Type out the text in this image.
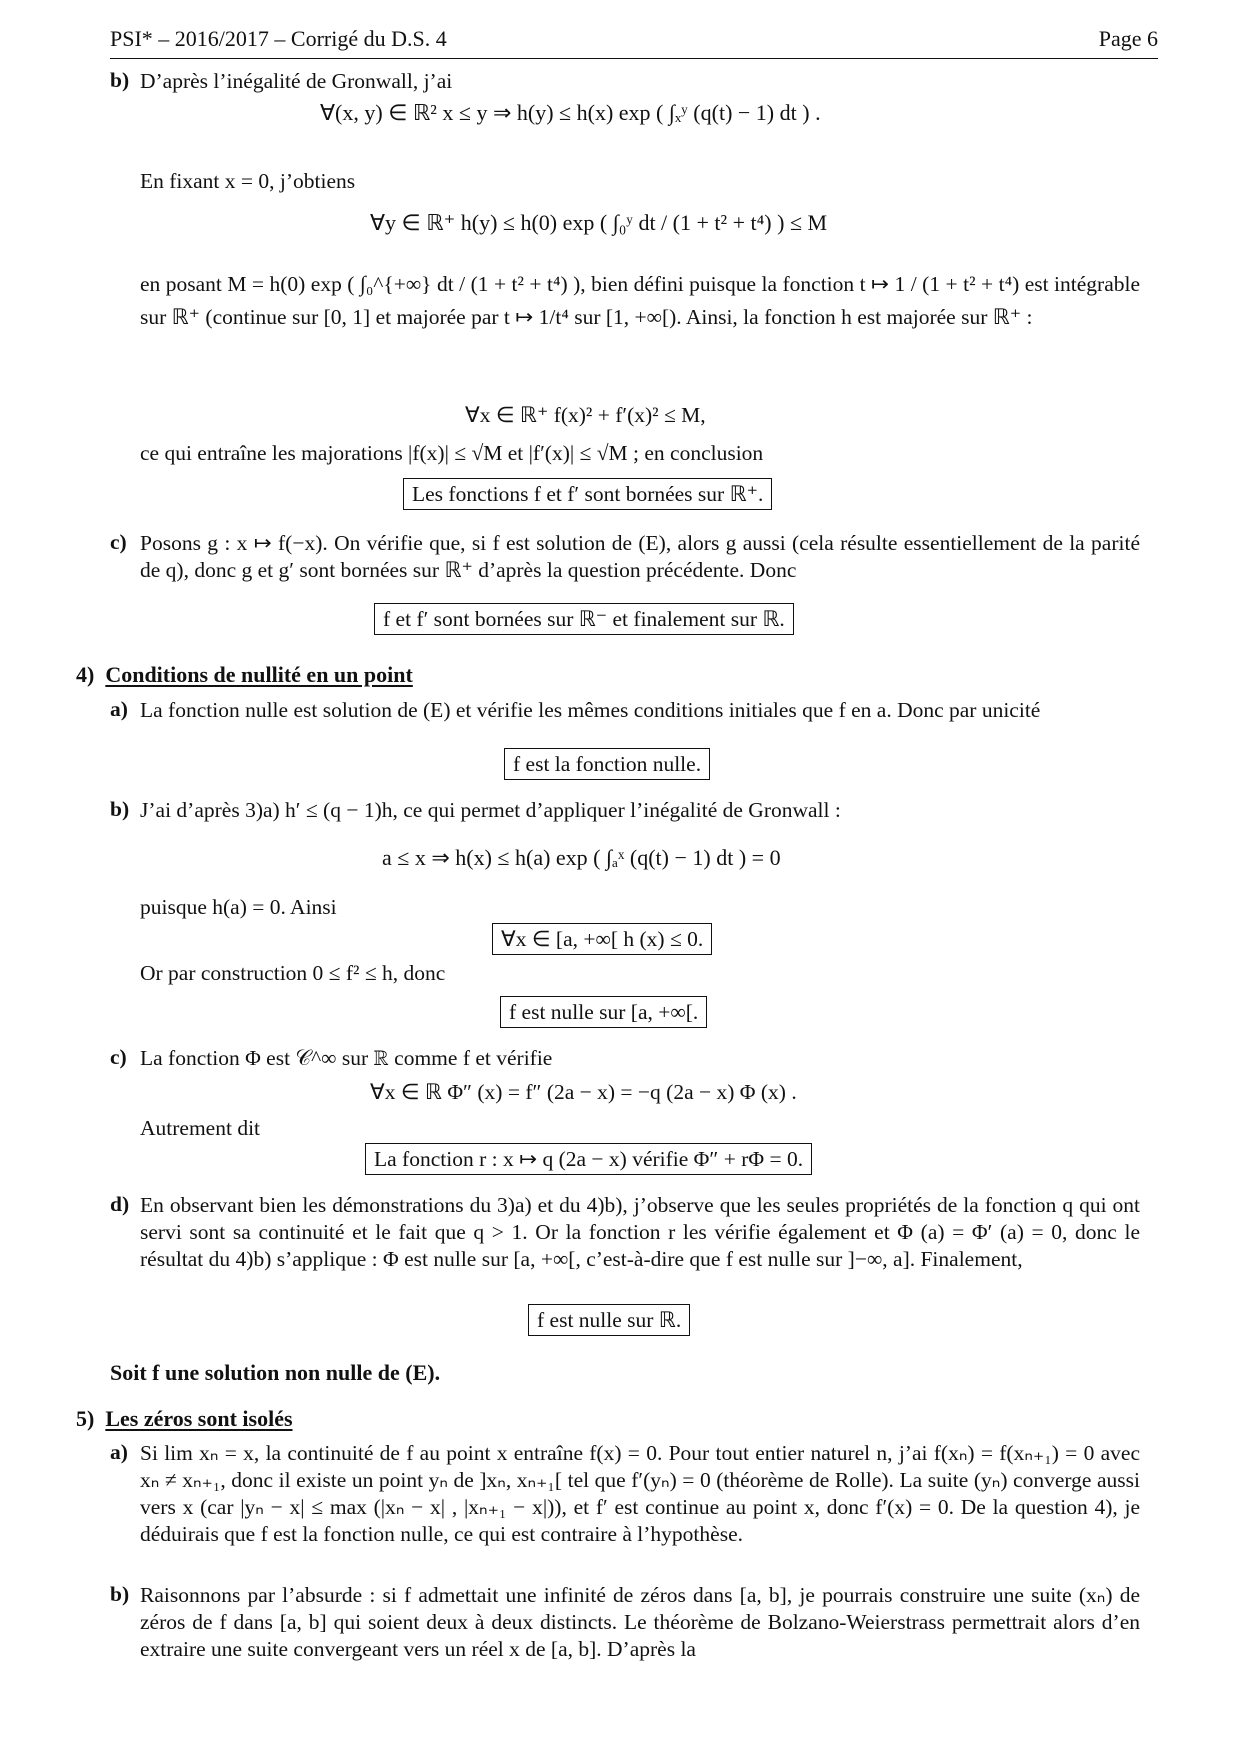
PSI* – 2016/2017 – Corrigé du D.S. 4	Page 6
b) D’après l’inégalité de Gronwall, j’ai
∀(x, y) ∈ ℝ² x ≤ y ⇒ h(y) ≤ h(x) exp ( ∫ₓʸ (q(t) − 1) dt ) .
En fixant x = 0, j’obtiens
∀y ∈ ℝ⁺ h(y) ≤ h(0) exp ( ∫₀ʸ dt / (1 + t² + t⁴) ) ≤ M
en posant M = h(0) exp ( ∫₀^{+∞} dt / (1 + t² + t⁴) ), bien défini puisque la fonction t ↦ 1 / (1 + t² + t⁴) est intégrable sur ℝ⁺ (continue sur [0, 1] et majorée par t ↦ 1/t⁴ sur [1, +∞[). Ainsi, la fonction h est majorée sur ℝ⁺ :
∀x ∈ ℝ⁺ f(x)² + f′(x)² ≤ M,
ce qui entraîne les majorations |f(x)| ≤ √M et |f′(x)| ≤ √M ; en conclusion
Les fonctions f et f′ sont bornées sur ℝ⁺.
c) Posons g : x ↦ f(−x). On vérifie que, si f est solution de (E), alors g aussi (cela résulte essentiellement de la parité de q), donc g et g′ sont bornées sur ℝ⁺ d’après la question précédente. Donc
f et f′ sont bornées sur ℝ⁻ et finalement sur ℝ.
4) Conditions de nullité en un point
a) La fonction nulle est solution de (E) et vérifie les mêmes conditions initiales que f en a. Donc par unicité
f est la fonction nulle.
b) J’ai d’après 3)a) h′ ≤ (q − 1)h, ce qui permet d’appliquer l’inégalité de Gronwall :
a ≤ x ⇒ h(x) ≤ h(a) exp ( ∫ₐˣ (q(t) − 1) dt ) = 0
puisque h(a) = 0. Ainsi
∀x ∈ [a, +∞[ h (x) ≤ 0.
Or par construction 0 ≤ f² ≤ h, donc
f est nulle sur [a, +∞[.
c) La fonction Φ est 𝒞^∞ sur ℝ comme f et vérifie
∀x ∈ ℝ Φ″ (x) = f″ (2a − x) = −q (2a − x) Φ (x) .
Autrement dit
La fonction r : x ↦ q (2a − x) vérifie Φ″ + rΦ = 0.
d) En observant bien les démonstrations du 3)a) et du 4)b), j’observe que les seules propriétés de la fonction q qui ont servi sont sa continuité et le fait que q > 1. Or la fonction r les vérifie également et Φ (a) = Φ′ (a) = 0, donc le résultat du 4)b) s’applique : Φ est nulle sur [a, +∞[, c’est-à-dire que f est nulle sur ]−∞, a]. Finalement,
f est nulle sur ℝ.
Soit f une solution non nulle de (E).
5) Les zéros sont isolés
a) Si lim xₙ = x, la continuité de f au point x entraîne f(x) = 0. Pour tout entier naturel n, j’ai f(xₙ) = f(xₙ₊₁) = 0 avec xₙ ≠ xₙ₊₁, donc il existe un point yₙ de ]xₙ, xₙ₊₁[ tel que f′(yₙ) = 0 (théorème de Rolle). La suite (yₙ) converge aussi vers x (car |yₙ − x| ≤ max (|xₙ − x| , |xₙ₊₁ − x|)), et f′ est continue au point x, donc f′(x) = 0. De la question 4), je déduirais que f est la fonction nulle, ce qui est contraire à l’hypothèse.
b) Raisonnons par l’absurde : si f admettait une infinité de zéros dans [a, b], je pourrais construire une suite (xₙ) de zéros de f dans [a, b] qui soient deux à deux distincts. Le théorème de Bolzano-Weierstrass permettrait alors d’en extraire une suite convergeant vers un réel x de [a, b]. D’après la
